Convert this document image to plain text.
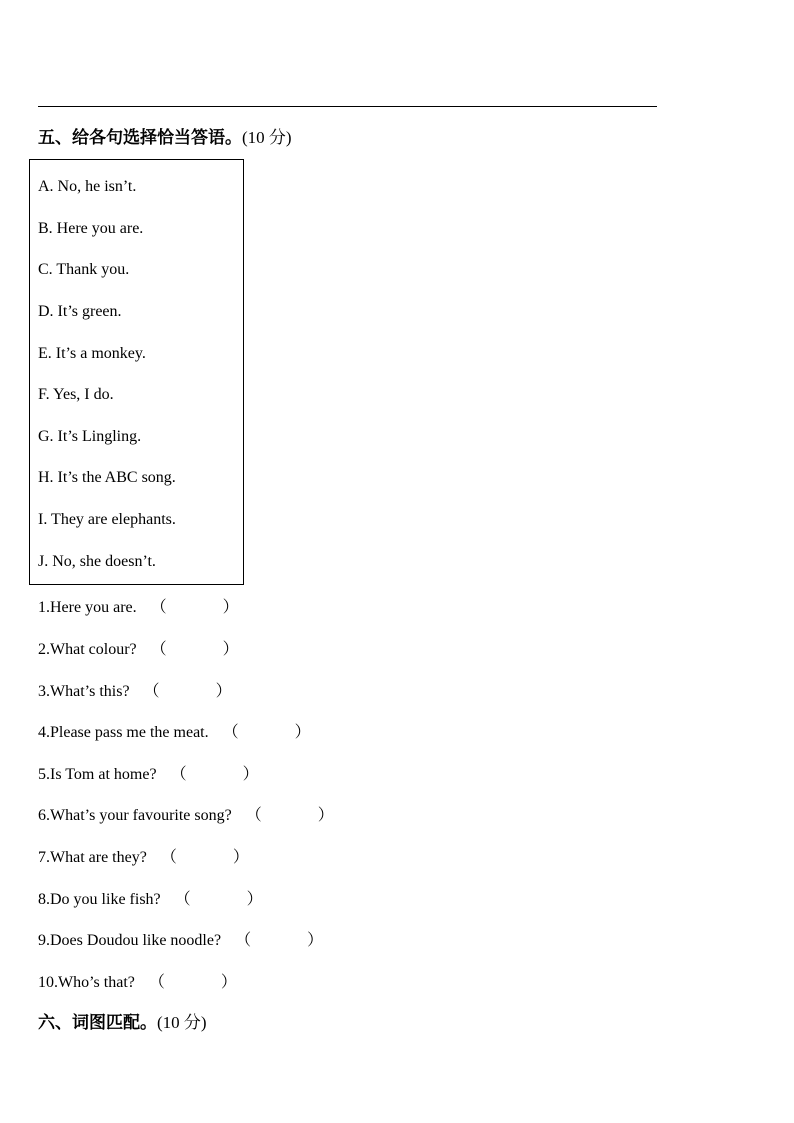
五、给各句选择恰当答语。(10 分)
A. No, he isn’t.
B. Here you are.
C. Thank you.
D. It’s green.
E. It’s a monkey.
F. Yes, I do.
G. It’s Lingling.
H. It’s the ABC song.
I. They are elephants.
J. No, she doesn’t.
1.Here you are. （	）
2.What colour? （	）
3.What’s this? （	）
4.Please pass me the meat. （	）
5.Is Tom at home? （	）
6.What’s your favourite song? （	）
7.What are they? （	）
8.Do you like fish? （	）
9.Does Doudou like noodle? （	）
10.Who’s that? （	）
六、词图匹配。(10 分)
